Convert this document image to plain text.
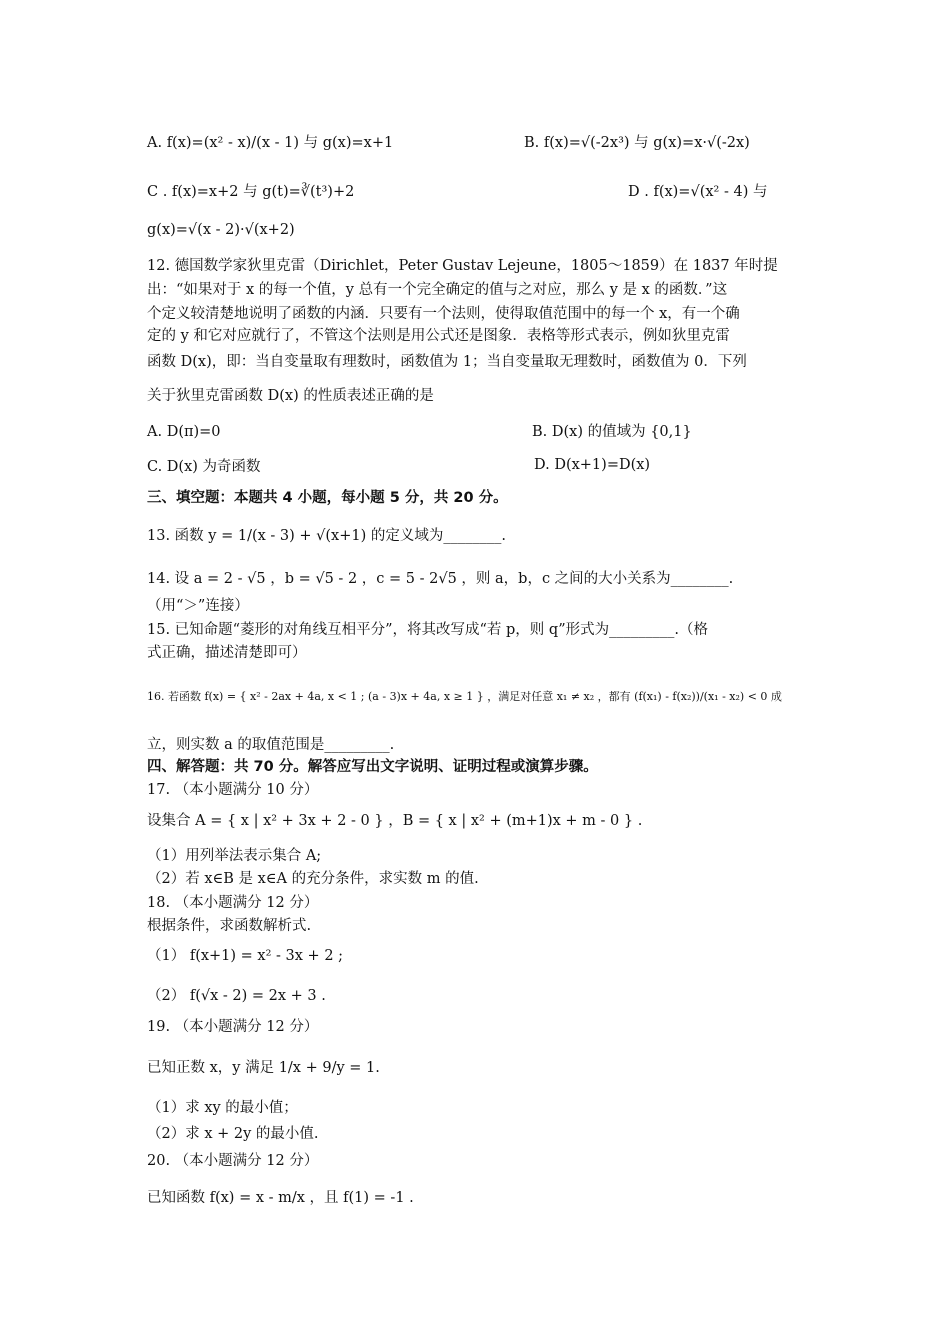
A. f(x)=(x² - x)/(x - 1) 与 g(x)=x+1	B. f(x)=√(-2x³) 与 g(x)=x·√(-2x)
C . f(x)=x+2 与 g(t)=∛(t³)+2	D . f(x)=√(x² - 4) 与
g(x)=√(x - 2)·√(x+2)
12. 德国数学家狄里克雷（Dirichlet，Peter Gustav Lejeune，1805～1859）在 1837 年时提
出：“如果对于 x 的每一个值，y 总有一个完全确定的值与之对应，那么 y 是 x 的函数．”这
个定义较清楚地说明了函数的内涵．只要有一个法则，使得取值范围中的每一个 x，有一个确
定的 y 和它对应就行了，不管这个法则是用公式还是图象．表格等形式表示，例如狄里克雷
函数 D(x)，即：当自变量取有理数时，函数值为 1；当自变量取无理数时，函数值为 0．下列
关于狄里克雷函数 D(x) 的性质表述正确的是
A. D(π)=0	B. D(x) 的值域为 {0,1}
C. D(x) 为奇函数	D. D(x+1)=D(x)
三、填空题：本题共 4 小题，每小题 5 分，共 20 分。
13. 函数 y = 1/(x - 3) + √(x+1) 的定义域为________.
14. 设 a = 2 - √5 ，b = √5 - 2 ，c = 5 - 2√5 ，则 a，b，c 之间的大小关系为________.
（用“＞”连接）
15. 已知命题“菱形的对角线互相平分”，将其改写成“若 p，则 q”形式为_________.（格
式正确，描述清楚即可）
16. 若函数 f(x) = { x² - 2ax + 4a, x < 1 ; (a - 3)x + 4a, x ≥ 1 } ，满足对任意 x₁ ≠ x₂ ，都有 (f(x₁) - f(x₂))/(x₁ - x₂) < 0 成
立，则实数 a 的取值范围是_________.
四、解答题：共 70 分。解答应写出文字说明、证明过程或演算步骤。
17. （本小题满分 10 分）
设集合 A = { x | x² + 3x + 2 - 0 } ，B = { x | x² + (m+1)x + m - 0 } .
（1）用列举法表示集合 A;
（2）若 x∈B 是 x∈A 的充分条件，求实数 m 的值.
18. （本小题满分 12 分）
根据条件，求函数解析式.
（1） f(x+1) = x² - 3x + 2 ;
（2） f(√x - 2) = 2x + 3 .
19. （本小题满分 12 分）
已知正数 x，y 满足 1/x + 9/y = 1.
（1）求 xy 的最小值；
（2）求 x + 2y 的最小值.
20. （本小题满分 12 分）
已知函数 f(x) = x - m/x ，且 f(1) = -1 .
